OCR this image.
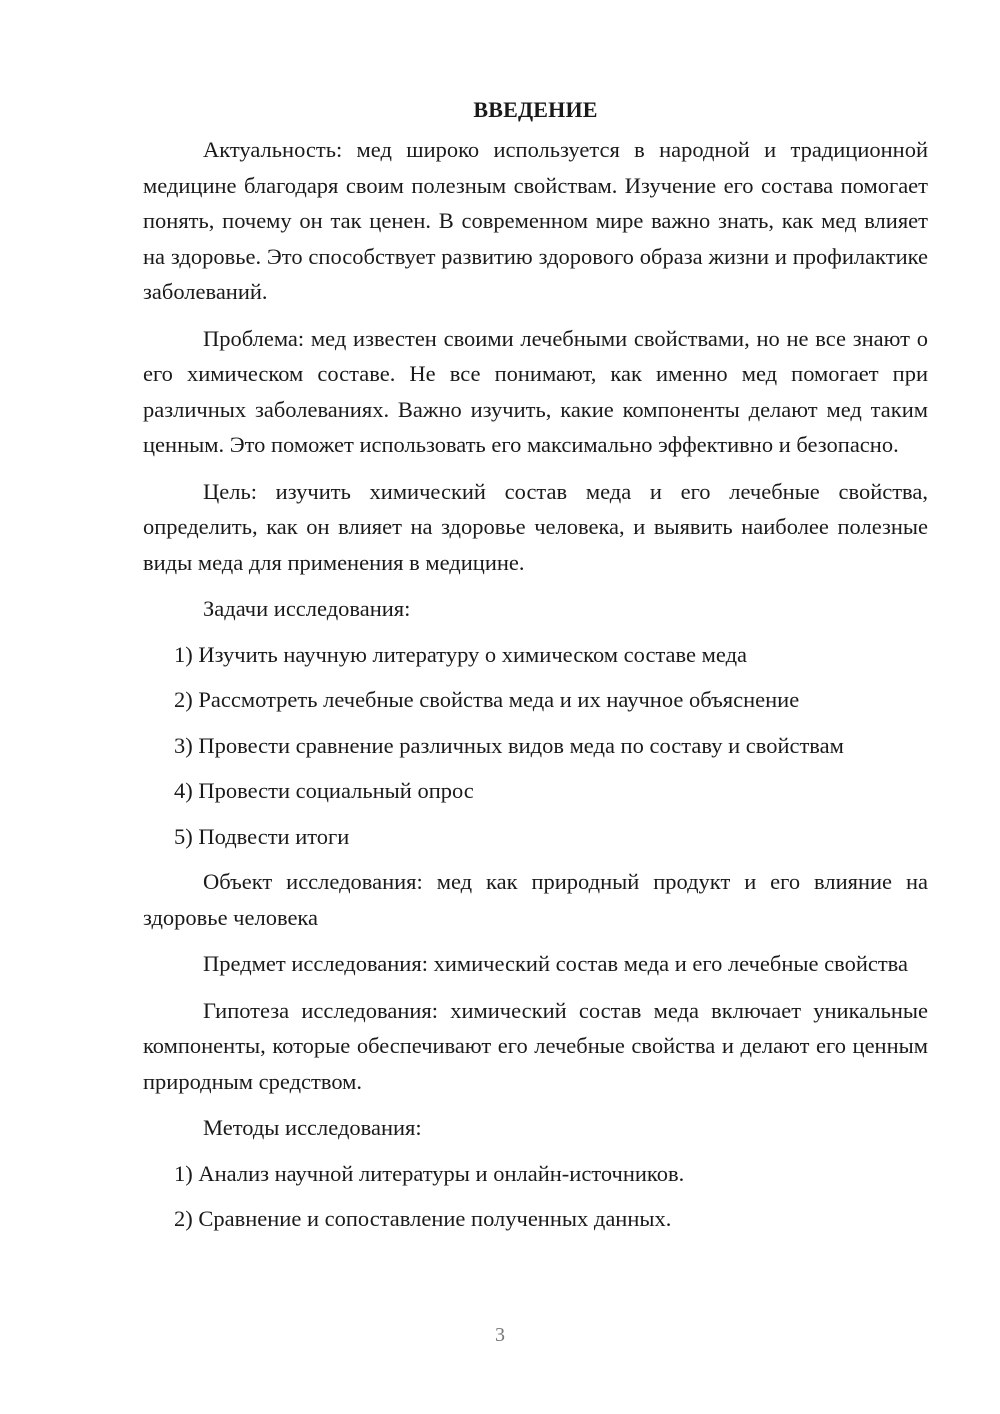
ВВЕДЕНИЕ

Актуальность: мед широко используется в народной и традиционной медицине благодаря своим полезным свойствам. Изучение его состава помогает понять, почему он так ценен. В современном мире важно знать, как мед влияет на здоровье. Это способствует развитию здорового образа жизни и профилактике заболеваний.

Проблема: мед известен своими лечебными свойствами, но не все знают о его химическом составе. Не все понимают, как именно мед помогает при различных заболеваниях. Важно изучить, какие компоненты делают мед таким ценным. Это поможет использовать его максимально эффективно и безопасно.

Цель: изучить химический состав меда и его лечебные свойства, определить, как он влияет на здоровье человека, и выявить наиболее полезные виды меда для применения в медицине.

Задачи исследования:
1) Изучить научную литературу о химическом составе меда
2) Рассмотреть лечебные свойства меда и их научное объяснение
3) Провести сравнение различных видов меда по составу и свойствам
4) Провести социальный опрос
5) Подвести итоги

Объект исследования: мед как природный продукт и его влияние на здоровье человека

Предмет исследования: химический состав меда и его лечебные свойства

Гипотеза исследования: химический состав меда включает уникальные компоненты, которые обеспечивают его лечебные свойства и делают его ценным природным средством.

Методы исследования:
1) Анализ научной литературы и онлайн-источников.
2) Сравнение и сопоставление полученных данных.
3
